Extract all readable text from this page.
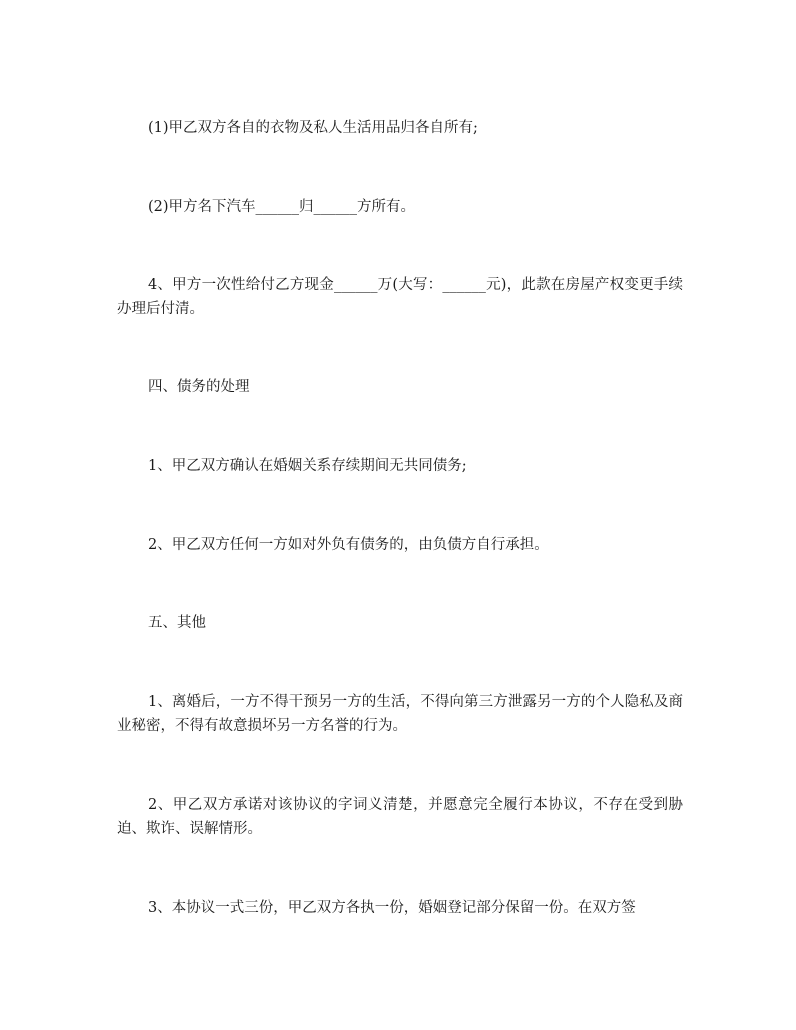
(1)甲乙双方各自的衣物及私人生活用品归各自所有;

(2)甲方名下汽车______归______方所有。

4、甲方一次性给付乙方现金______万(大写：______元)，此款在房屋产权变更手续办理后付清。

四、债务的处理

1、甲乙双方确认在婚姻关系存续期间无共同债务;

2、甲乙双方任何一方如对外负有债务的，由负债方自行承担。

五、其他

1、离婚后，一方不得干预另一方的生活，不得向第三方泄露另一方的个人隐私及商业秘密，不得有故意损坏另一方名誉的行为。

2、甲乙双方承诺对该协议的字词义清楚，并愿意完全履行本协议，不存在受到胁迫、欺诈、误解情形。

3、本协议一式三份，甲乙双方各执一份，婚姻登记部分保留一份。在双方签
